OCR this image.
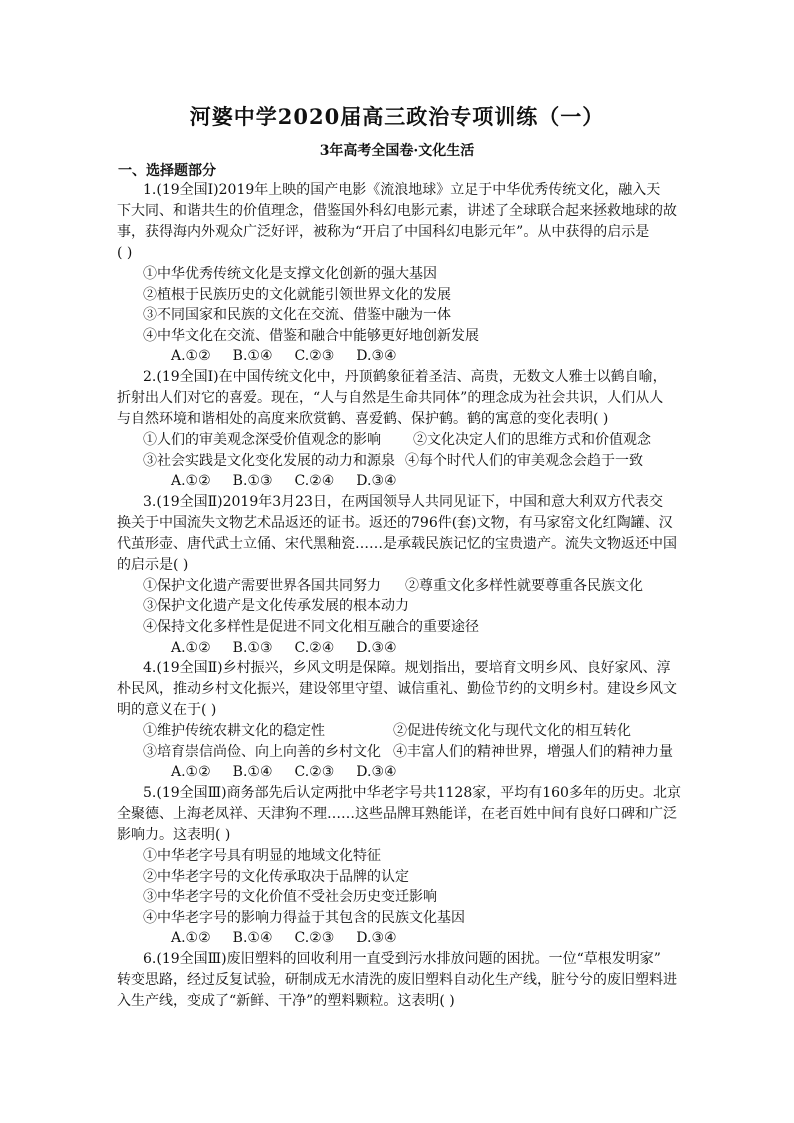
河婆中学2020届高三政治专项训练（一）
3年高考全国卷·文化生活
一、选择题部分
1.(19全国Ⅰ)2019年上映的国产电影《流浪地球》立足于中华优秀传统文化，融入天
下大同、和谐共生的价值理念，借鉴国外科幻电影元素，讲述了全球联合起来拯救地球的故
事，获得海内外观众广泛好评，被称为“开启了中国科幻电影元年”。从中获得的启示是
( )
①中华优秀传统文化是支撑文化创新的强大基因
②植根于民族历史的文化就能引领世界文化的发展
③不同国家和民族的文化在交流、借鉴中融为一体
④中华文化在交流、借鉴和融合中能够更好地创新发展
A.①② B.①④ C.②③ D.③④
2.(19全国Ⅰ)在中国传统文化中，丹顶鹤象征着圣洁、高贵，无数文人雅士以鹤自喻，
折射出人们对它的喜爱。现在，“人与自然是生命共同体”的理念成为社会共识，人们从人
与自然环境和谐相处的高度来欣赏鹤、喜爱鹤、保护鹤。鹤的寓意的变化表明( )
①人们的审美观念深受价值观念的影响 ②文化决定人们的思维方式和价值观念
③社会实践是文化变化发展的动力和源泉 ④每个时代人们的审美观念会趋于一致
A.①② B.①③ C.②④ D.③④
3.(19全国Ⅱ)2019年3月23日，在两国领导人共同见证下，中国和意大利双方代表交
换关于中国流失文物艺术品返还的证书。返还的796件(套)文物，有马家窑文化红陶罐、汉
代茧形壶、唐代武士立俑、宋代黑釉瓷……是承载民族记忆的宝贵遗产。流失文物返还中国
的启示是( )
①保护文化遗产需要世界各国共同努力 ②尊重文化多样性就要尊重各民族文化
③保护文化遗产是文化传承发展的根本动力
④保持文化多样性是促进不同文化相互融合的重要途径
A.①② B.①③ C.②④ D.③④
4.(19全国Ⅱ)乡村振兴，乡风文明是保障。规划指出，要培育文明乡风、良好家风、淳
朴民风，推动乡村文化振兴，建设邻里守望、诚信重礼、勤俭节约的文明乡村。建设乡风文
明的意义在于( )
①维护传统农耕文化的稳定性	②促进传统文化与现代文化的相互转化
③培育崇信尚俭、向上向善的乡村文化 ④丰富人们的精神世界，增强人们的精神力量
A.①② B.①④ C.②③ D.③④
5.(19全国Ⅲ)商务部先后认定两批中华老字号共1128家，平均有160多年的历史。北京
全聚德、上海老凤祥、天津狗不理……这些品牌耳熟能详，在老百姓中间有良好口碑和广泛
影响力。这表明( )
①中华老字号具有明显的地域文化特征
②中华老字号的文化传承取决于品牌的认定
③中华老字号的文化价值不受社会历史变迁影响
④中华老字号的影响力得益于其包含的民族文化基因
A.①② B.①④ C.②③ D.③④
6.(19全国Ⅲ)废旧塑料的回收利用一直受到污水排放问题的困扰。一位“草根发明家”
转变思路，经过反复试验，研制成无水清洗的废旧塑料自动化生产线，脏兮兮的废旧塑料进
入生产线，变成了“新鲜、干净”的塑料颗粒。这表明( )
